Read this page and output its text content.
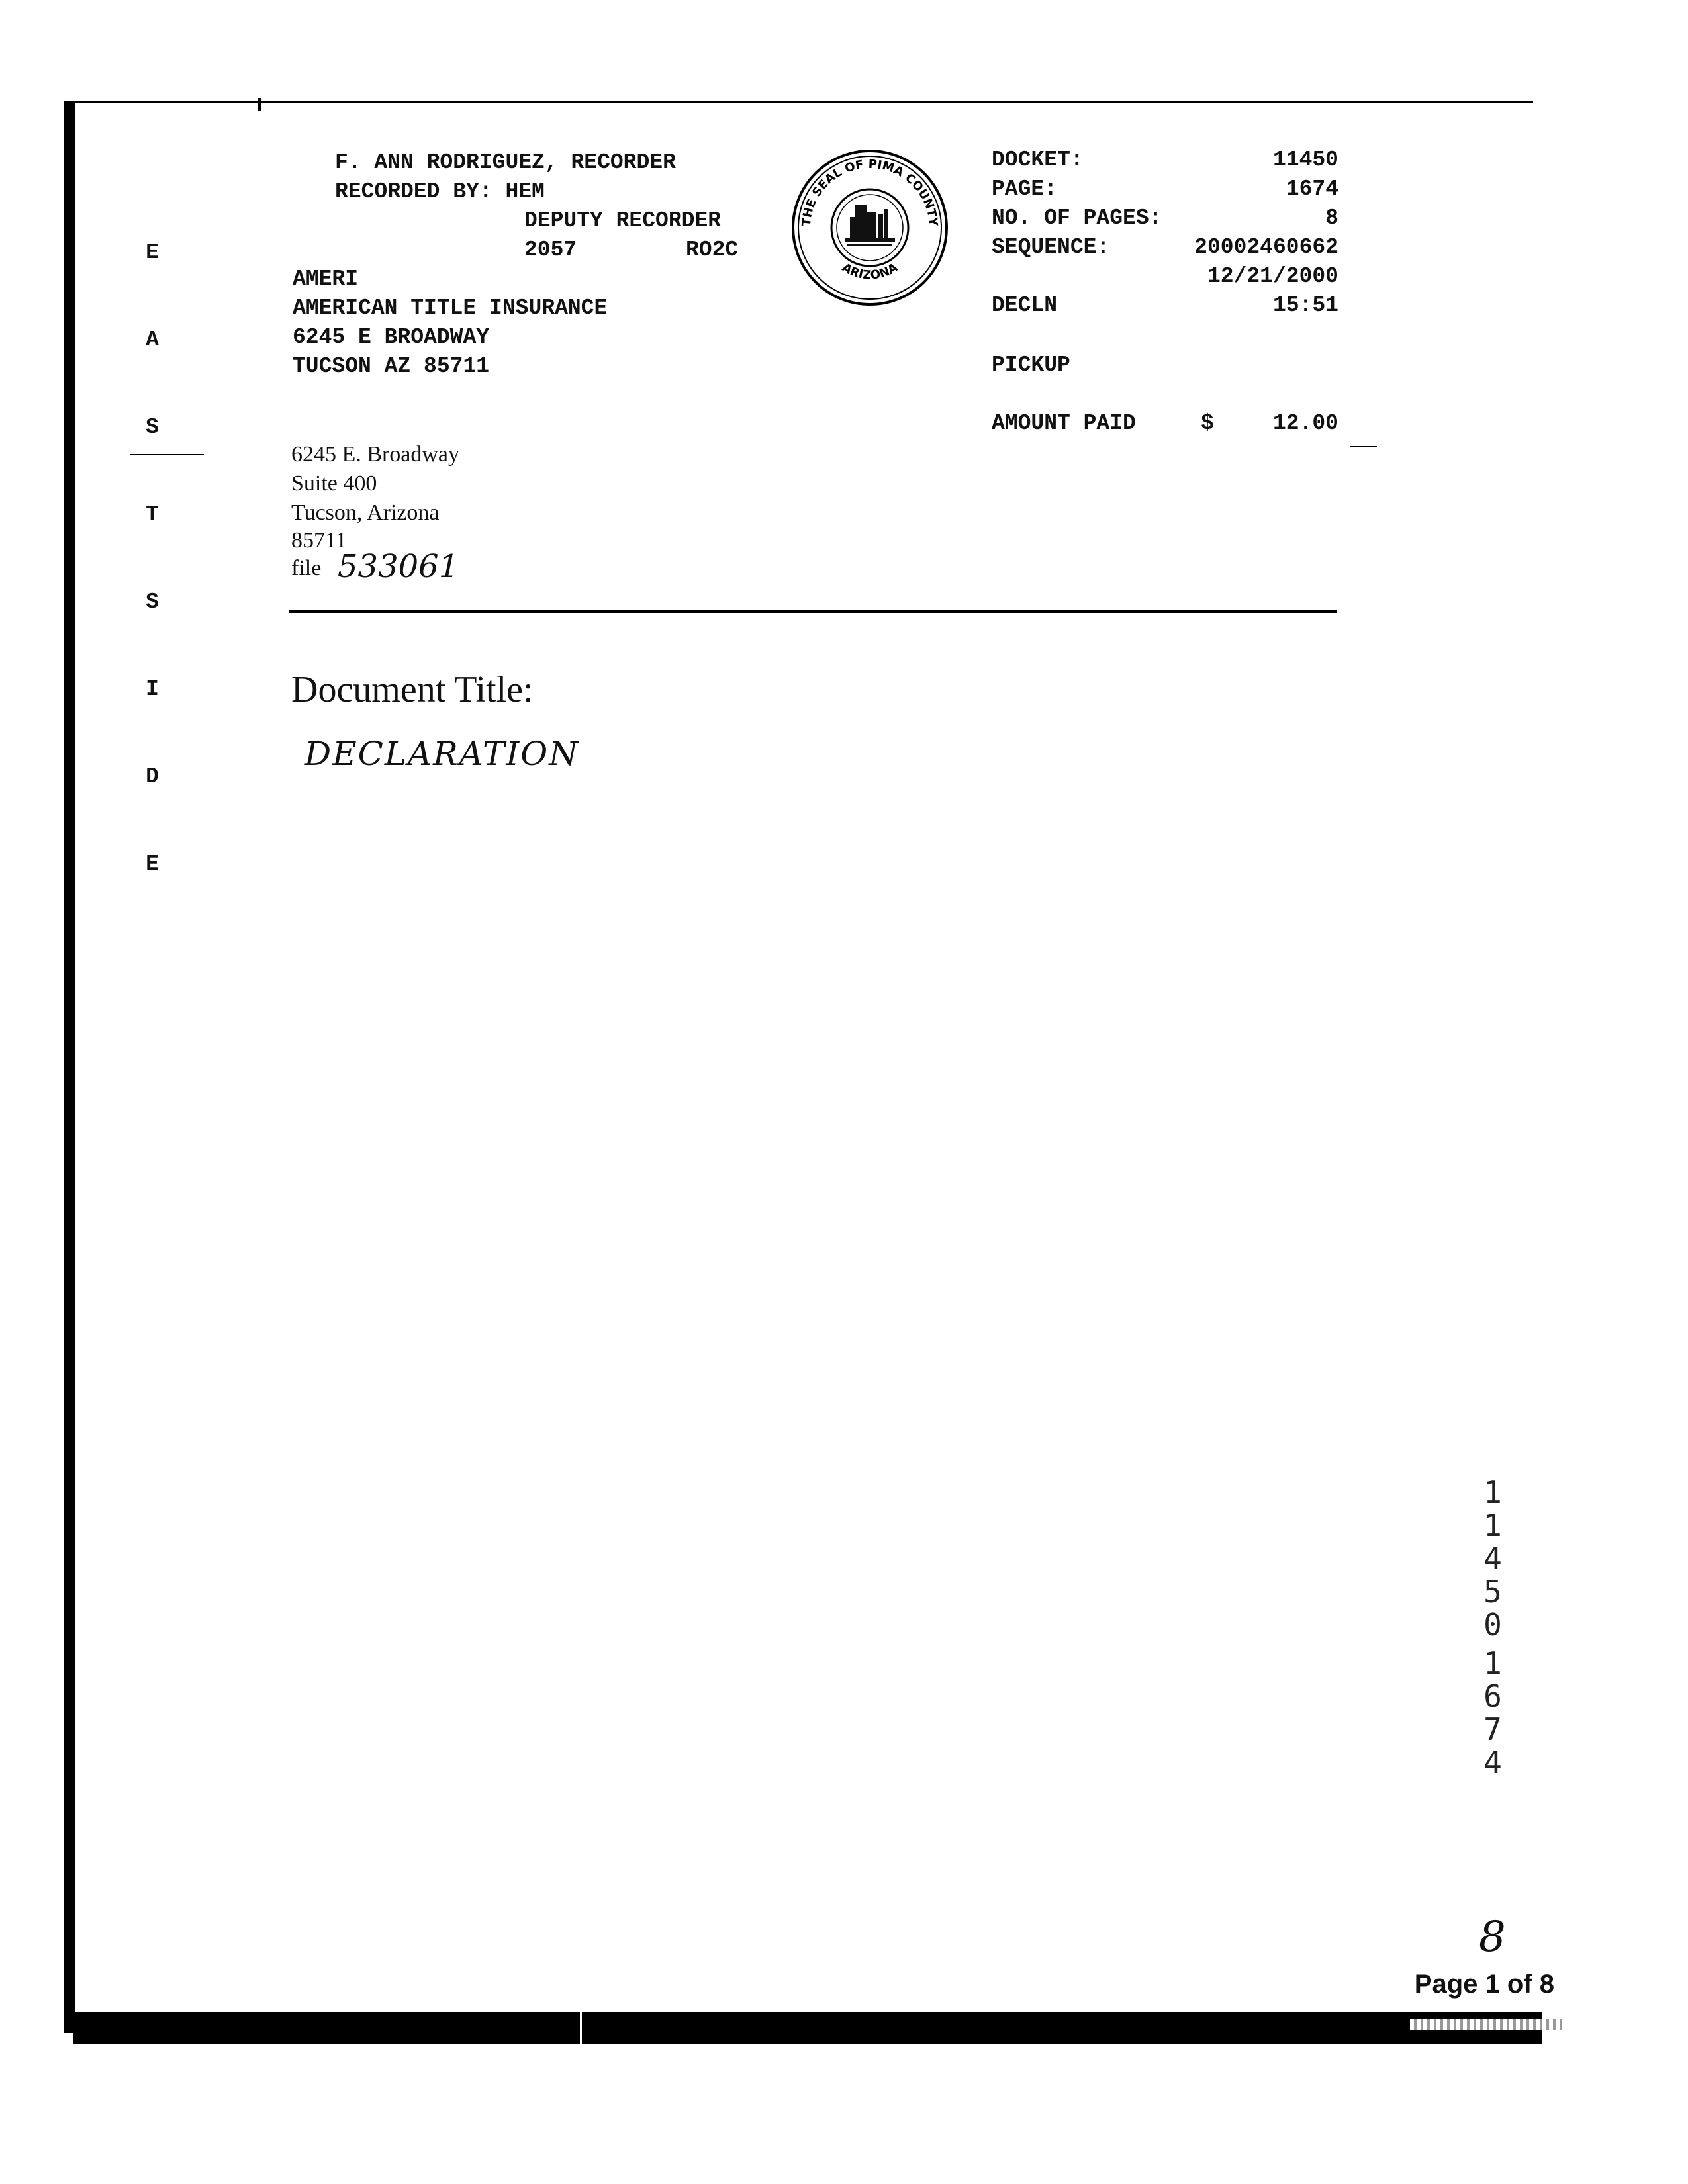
E

A

S

T

S

I

D

E

F. ANN RODRIGUEZ, RECORDER
RECORDED BY: HEM
DEPUTY RECORDER
2057	RO2C
AMERI
AMERICAN TITLE INSURANCE
6245 E BROADWAY
TUCSON AZ 85711
THE SEAL OF PIMA COUNTY
ARIZONA
DOCKET:	11450
PAGE:	1674
NO. OF PAGES:	8
SEQUENCE:	20002460662
12/21/2000
DECLN	15:51
PICKUP
AMOUNT PAID	$	12.00
6245 E. Broadway
Suite 400
Tucson, Arizona
85711
file 533061
Document Title:
DECLARATION
1
1
4
5
0
1
6
7
4
8
Page 1 of 8
